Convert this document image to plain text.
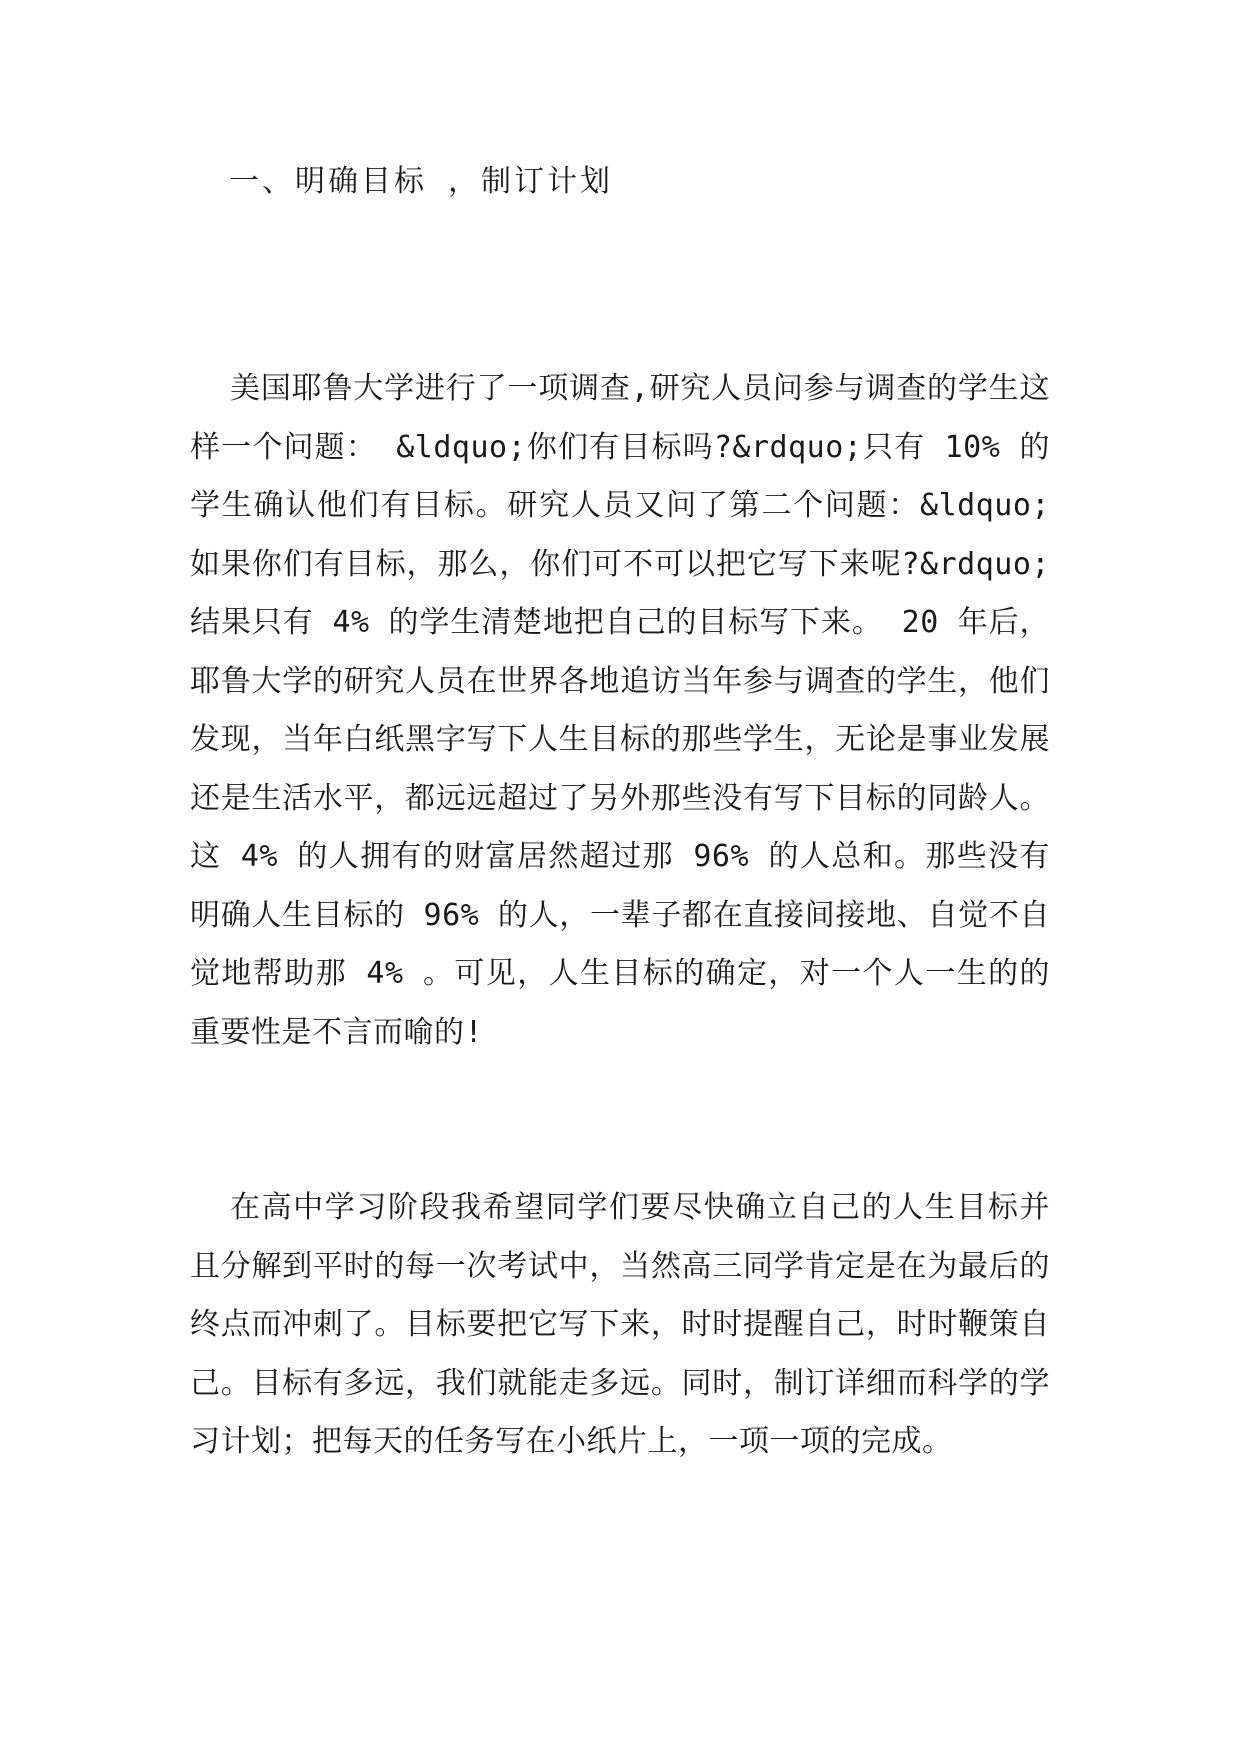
一、明确目标 ，制订计划

美国耶鲁大学进行了一项调查,研究人员问参与调查的学生这样一个问题： &ldquo;你们有目标吗?&rdquo;只有 10% 的学生确认他们有目标。研究人员又问了第二个问题：&ldquo;如果你们有目标，那么，你们可不可以把它写下来呢?&rdquo; 结果只有 4% 的学生清楚地把自己的目标写下来。 20 年后，耶鲁大学的研究人员在世界各地追访当年参与调查的学生，他们发现，当年白纸黑字写下人生目标的那些学生，无论是事业发展还是生活水平，都远远超过了另外那些没有写下目标的同龄人。这 4% 的人拥有的财富居然超过那 96% 的人总和。那些没有明确人生目标的 96% 的人，一辈子都在直接间接地、自觉不自觉地帮助那 4% 。可见，人生目标的确定，对一个人一生的的重要性是不言而喻的!

在高中学习阶段我希望同学们要尽快确立自己的人生目标并且分解到平时的每一次考试中，当然高三同学肯定是在为最后的终点而冲刺了。目标要把它写下来，时时提醒自己，时时鞭策自己。目标有多远，我们就能走多远。同时，制订详细而科学的学习计划；把每天的任务写在小纸片上，一项一项的完成。
